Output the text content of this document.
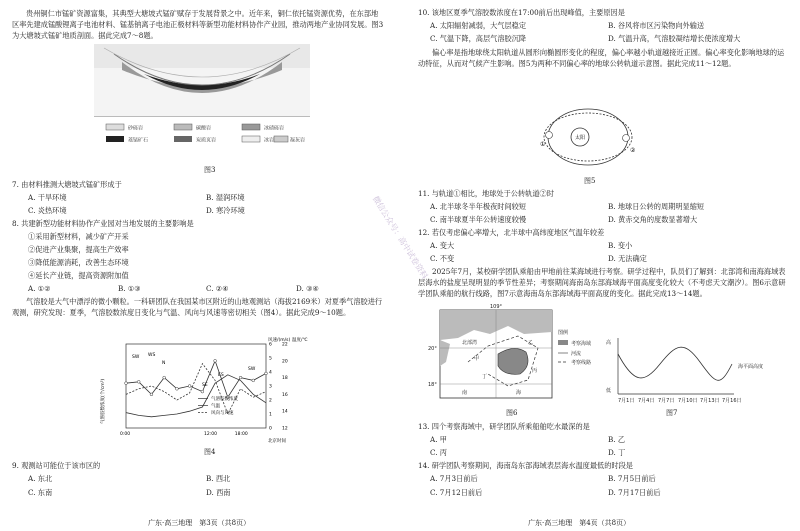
贵州铜仁市锰矿资源富集，其典型大塘坡式锰矿赋存于发展背景之中。近年来，铜仁依托锰资源优势，在东部地区率先建成锰酸锂离子电池材料、锰基钠离子电池正极材料等新型功能材料协作产业园，推动两地产业协同发展。图3为大塘坡式锰矿地质剖面。据此完成7～8题。
砂砾岩	碳酸岩	冰碛砾岩
菱锰矿石	炭质页岩	冰岩	凝灰岩
图3
7. 由材料推测大塘坡式锰矿形成于
A. 干旱环境	B. 湿润环境
C. 炎热环境	D. 寒冷环境
8. 共建新型功能材料协作产业园对当地发展的主要影响是
①采用新型材料，减少矿产开采
②促进产业集聚，提高生产效率
③降低能源消耗，改善生态环境
④延长产业链，提高资源附加值
A. ①②	B. ①③	C. ②④	D. ③④
气溶胶是大气中漂浮的微小颗粒。一科研团队在我国某市区附近的山地观测站（海拔2169米）对夏季气溶胶进行观测，研究发现：夏季，气溶胶数浓度日变化与气温、风向与风速等密切相关（图4）。据此完成9～10题。
12
14
16
18
20
22
0
1
2
3
4
5
6
风速/(m/s) 温度/℃
气溶胶数浓度(个/cm³)
0:00	12:00	18:00
北京时间
SW WS
N
SE
ES
SW
气溶胶数浓度
气温
风向与风速
图4
9. 观测站可能位于该市区的
A. 东北	B. 西北
C. 东南	D. 西南
广东·高三地理　第3页（共8页）
微信公众号：高中试卷资料
10. 该地区夏季气溶胶数浓度在17:00前后出现峰值，主要原因是
A. 太阳辐射减弱，大气层稳定	B. 谷风将市区污染物向外输送
C. 气温下降，高层气溶胶沉降	D. 气温升高，气溶胶凝结增长使浓度增大
偏心率是指地球绕太阳轨道从圆形向椭圆形变化的程度，偏心率越小轨道越接近正圆。偏心率变化影响地球的运动特征，从而对气候产生影响。图5为两种不同偏心率的地球公转轨道示意图。据此完成11～12题。
太阳
①
②
图5
11. 与轨道①相比，地球处于公转轨道②时
A. 北半球冬半年极夜时间较短	B. 地球日公转的周期明显缩短
C. 南半球夏半年公转速度较慢	D. 黄赤交角的度数显著增大
12. 若仅考虑偏心率增大，北半球中高纬度地区气温年较差
A. 变大	B. 变小
C. 不变	D. 无法确定
2025年7月，某校研学团队乘船由甲地前往某海域进行考察。研学过程中，队员们了解到：北部湾和南海海域表层海水的盐度呈现明显的季节性差异；考察期间海南岛东部海域海平面高度变化较大（不考虑天文潮汐）。图6示意研学团队乘船的航行线路，图7示意海南岛东部海域海平面高度的变化。据此完成13～14题。
109°
20°
18°
北部湾
甲
乙
丙
丁
南	海
图例
考察海域
河流
考察线路
图6
高
低
海平面高度
7月1日 7月4日 7月7日 7月10日 7月13日 7月16日
图7
13. 四个考察海域中，研学团队所乘船舶吃水最深的是
A. 甲	B. 乙
C. 丙	D. 丁
14. 研学团队考察期间，海南岛东部海域表层海水温度最低的时段是
A. 7月3日前后	B. 7月5日前后
C. 7月12日前后	D. 7月17日前后
广东·高三地理　第4页（共8页）
